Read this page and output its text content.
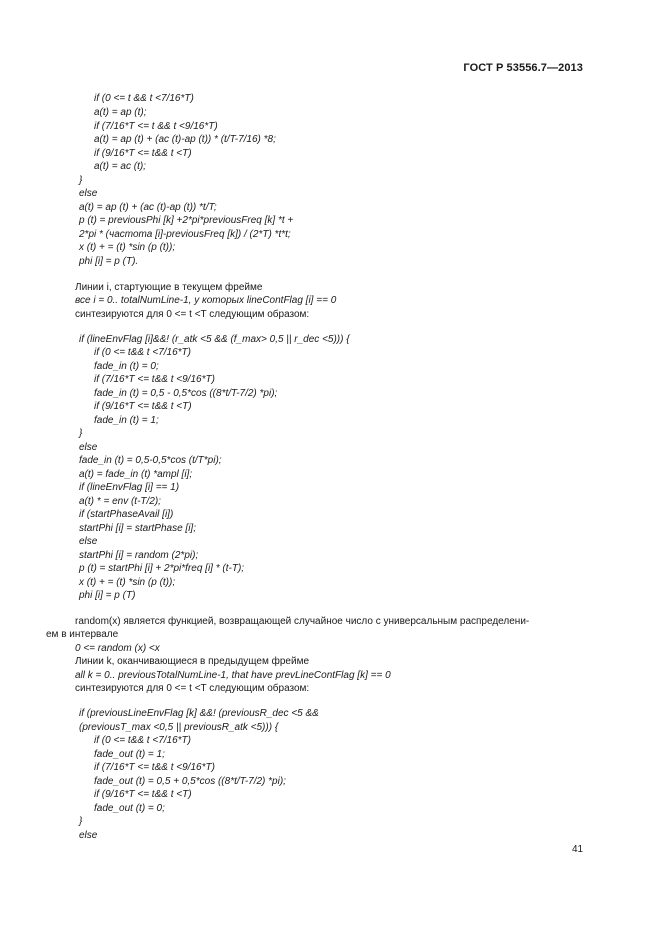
ГОСТ Р 53556.7—2013
if (0 <= t && t <7/16*T)
a(t) = ap (t);
if (7/16*T <= t && t <9/16*T)
a(t) = ap (t) + (ac (t)-ap (t)) * (t/T-7/16) *8;
if (9/16*T <= t&& t <T)
a(t) = ac (t);
}
else
a(t) = ap (t) + (ac (t)-ap (t)) *t/T;
p (t) = previousPhi [k] +2*pi*previousFreq [k] *t +
2*pi * (частота [i]-previousFreq [k]) / (2*T) *t*t;
x (t) + = (t) *sin (p (t));
phi [i] = p (T).
Линии i, стартующие в текущем фрейме
все i = 0.. totalNumLine-1, у которых lineContFlag [i] == 0
синтезируются для 0 <= t <T следующим образом:
if (lineEnvFlag [i]&&! (r_atk <5 && (f_max> 0,5 || r_dec <5))) {
if (0 <= t&& t <7/16*T)
fade_in (t) = 0;
if (7/16*T <= t&& t <9/16*T)
fade_in (t) = 0,5 - 0,5*cos ((8*t/T-7/2) *pi);
if (9/16*T <= t&& t <T)
fade_in (t) = 1;
}
else
fade_in (t) = 0,5-0,5*cos (t/T*pi);
a(t) = fade_in (t) *ampl [i];
if (lineEnvFlag [i] == 1)
a(t) * = env (t-T/2);
if (startPhaseAvail [i])
startPhi [i] = startPhase [i];
else
startPhi [i] = random (2*pi);
p (t) = startPhi [i] + 2*pi*freq [i] * (t-T);
x (t) + = (t) *sin (p (t));
phi [i] = p (T)
random(x) является функцией, возвращающей случайное число с универсальным распределени-
ем в интервале
0 <= random (x) <x
Линии k, оканчивающиеся в предыдущем фрейме
all k = 0.. previousTotalNumLine-1, that have prevLineContFlag [k] == 0
синтезируются для 0 <= t <T следующим образом:
if (previousLineEnvFlag [k] &&! (previousR_dec <5 &&
(previousT_max <0,5 || previousR_atk <5))) {
if (0 <= t&& t <7/16*T)
fade_out (t) = 1;
if (7/16*T <= t&& t <9/16*T)
fade_out (t) = 0,5 + 0,5*cos ((8*t/T-7/2) *pi);
if (9/16*T <= t&& t <T)
fade_out (t) = 0;
}
else
41
